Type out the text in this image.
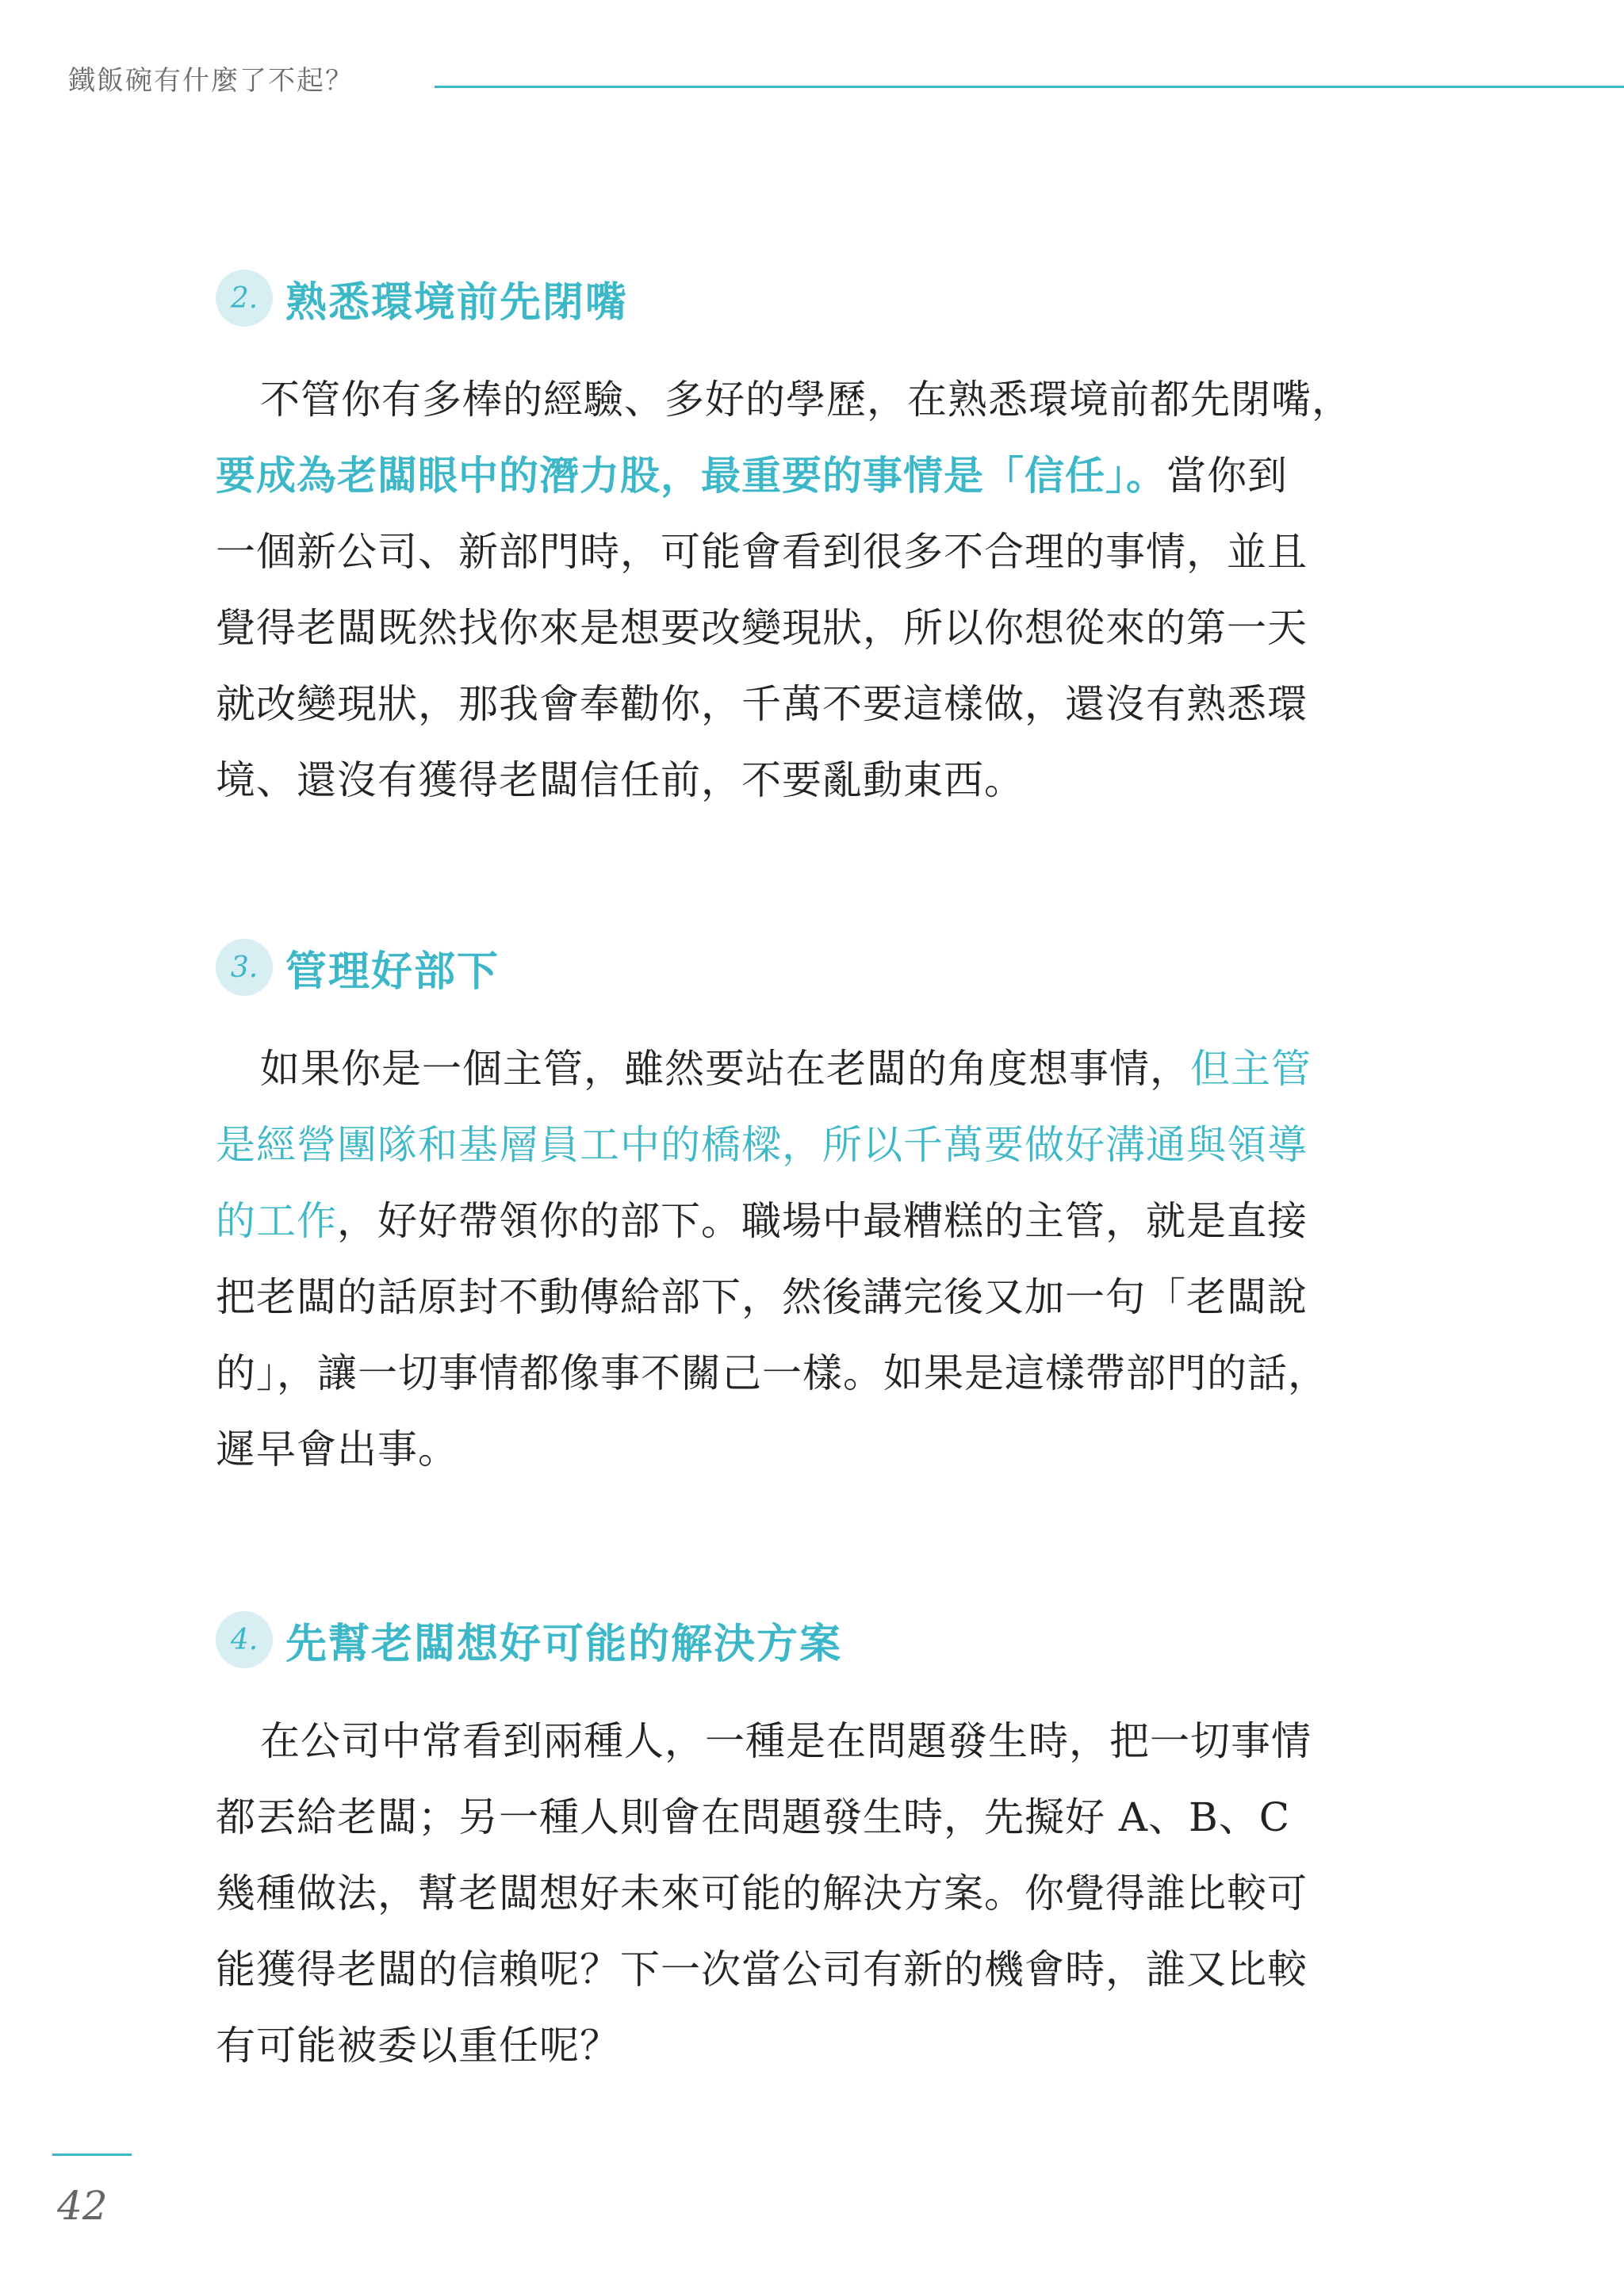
鐵飯碗有什麼了不起？
2. 熟悉環境前先閉嘴
不管你有多棒的經驗、多好的學歷，在熟悉環境前都先閉嘴，
要成為老闆眼中的潛力股，最重要的事情是「信任」。當你到
一個新公司、新部門時，可能會看到很多不合理的事情，並且
覺得老闆既然找你來是想要改變現狀，所以你想從來的第一天
就改變現狀，那我會奉勸你，千萬不要這樣做，還沒有熟悉環
境、還沒有獲得老闆信任前，不要亂動東西。
3. 管理好部下
如果你是一個主管，雖然要站在老闆的角度想事情，但主管
是經營團隊和基層員工中的橋樑，所以千萬要做好溝通與領導
的工作，好好帶領你的部下。職場中最糟糕的主管，就是直接
把老闆的話原封不動傳給部下，然後講完後又加一句「老闆說
的」，讓一切事情都像事不關己一樣。如果是這樣帶部門的話，
遲早會出事。
4. 先幫老闆想好可能的解決方案
在公司中常看到兩種人，一種是在問題發生時，把一切事情
都丟給老闆；另一種人則會在問題發生時，先擬好 A、B、C
幾種做法，幫老闆想好未來可能的解決方案。你覺得誰比較可
能獲得老闆的信賴呢？下一次當公司有新的機會時，誰又比較
有可能被委以重任呢？
42
